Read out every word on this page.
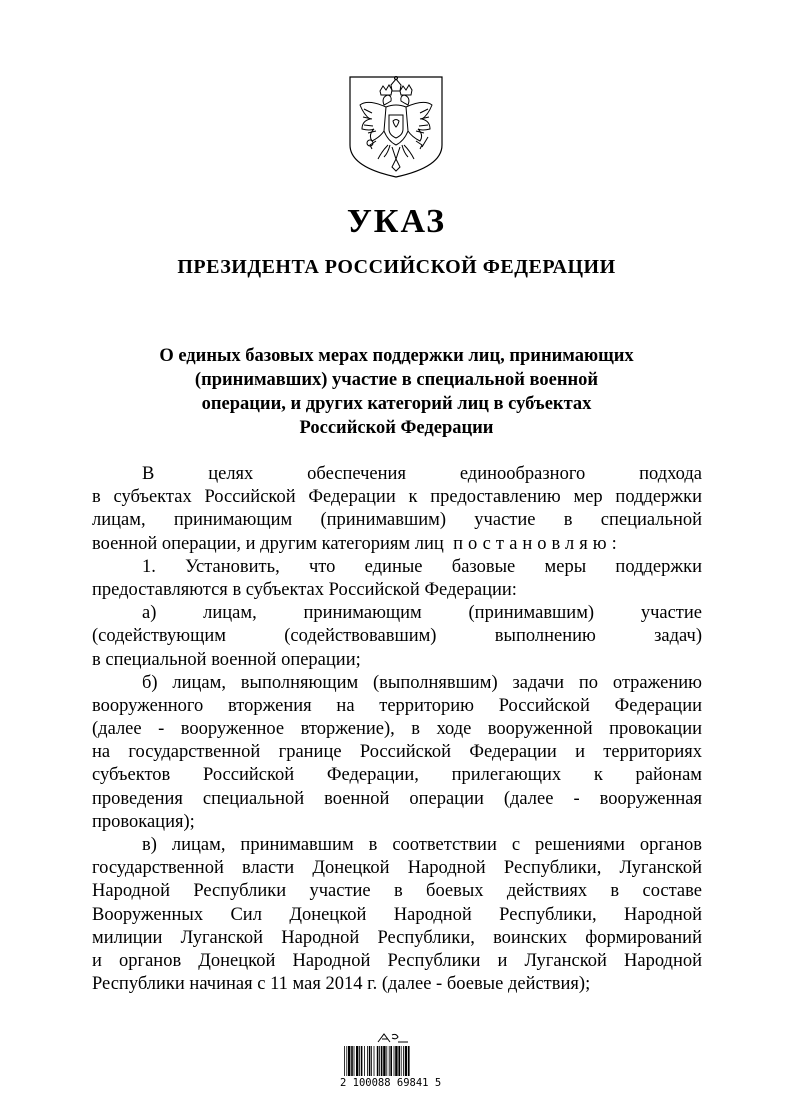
УКАЗ
ПРЕЗИДЕНТА РОССИЙСКОЙ ФЕДЕРАЦИИ
О единых базовых мерах поддержки лиц, принимающих
(принимавших) участие в специальной военной
операции, и других категорий лиц в субъектах
Российской Федерации
В целях обеспечения единообразного подхода
в субъектах Российской Федерации к предоставлению мер поддержки
лицам, принимающим (принимавшим) участие в специальной
военной операции, и другим категориям лиц постановляю:
1. Установить, что единые базовые меры поддержки
предоставляются в субъектах Российской Федерации:
а) лицам, принимающим (принимавшим) участие
(содействующим (содействовавшим) выполнению задач)
в специальной военной операции;
б) лицам, выполняющим (выполнявшим) задачи по отражению
вооруженного вторжения на территорию Российской Федерации
(далее - вооруженное вторжение), в ходе вооруженной провокации
на государственной границе Российской Федерации и территориях
субъектов Российской Федерации, прилегающих к районам
проведения специальной военной операции (далее - вооруженная
провокация);
в) лицам, принимавшим в соответствии с решениями органов
государственной власти Донецкой Народной Республики, Луганской
Народной Республики участие в боевых действиях в составе
Вооруженных Сил Донецкой Народной Республики, Народной
милиции Луганской Народной Республики, воинских формирований
и органов Донецкой Народной Республики и Луганской Народной
Республики начиная с 11 мая 2014 г. (далее - боевые действия);
2 100088 69841 5
